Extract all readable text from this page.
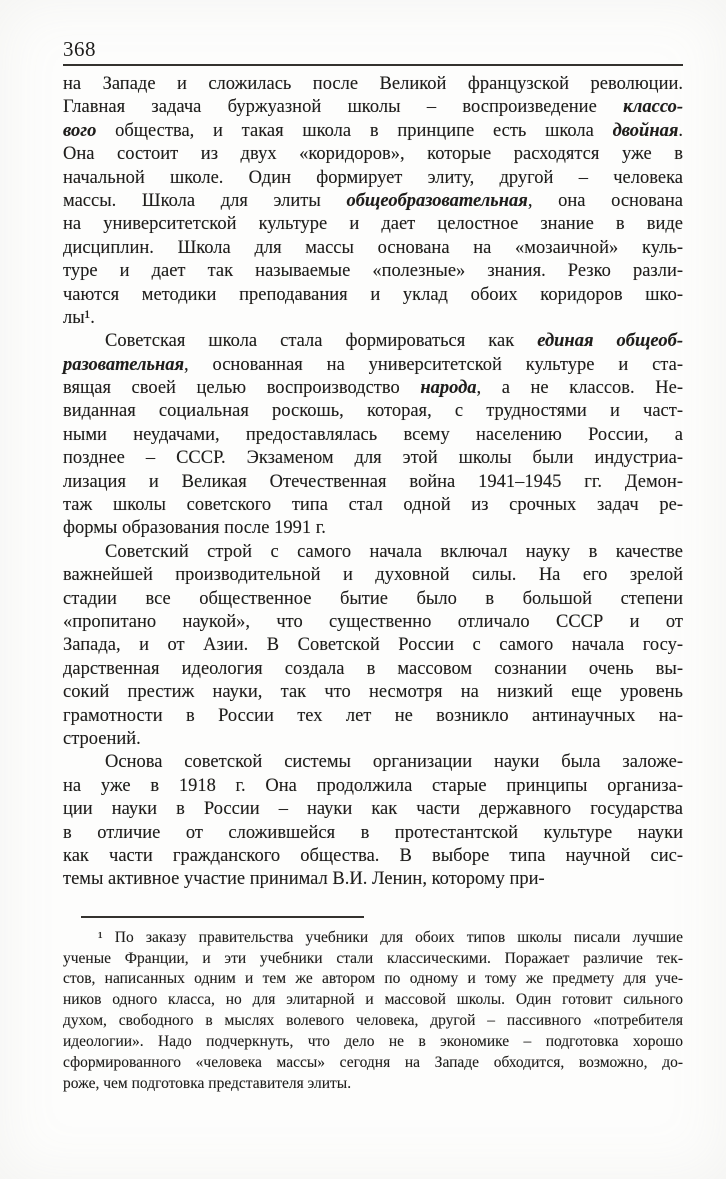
368
на Западе и сложилась после Великой французской революции.
Главная задача буржуазной школы – воспроизведение классо-
вого общества, и такая школа в принципе есть школа двойная.
Она состоит из двух «коридоров», которые расходятся уже в
начальной школе. Один формирует элиту, другой – человека
массы. Школа для элиты общеобразовательная, она основана
на университетской культуре и дает целостное знание в виде
дисциплин. Школа для массы основана на «мозаичной» куль-
туре и дает так называемые «полезные» знания. Резко разли-
чаются методики преподавания и уклад обоих коридоров шко-
лы¹.
Советская школа стала формироваться как единая общеоб-
разовательная, основанная на университетской культуре и ста-
вящая своей целью воспроизводство народа, а не классов. Не-
виданная социальная роскошь, которая, с трудностями и част-
ными неудачами, предоставлялась всему населению России, а
позднее – СССР. Экзаменом для этой школы были индустриа-
лизация и Великая Отечественная война 1941–1945 гг. Демон-
таж школы советского типа стал одной из срочных задач ре-
формы образования после 1991 г.
Советский строй с самого начала включал науку в качестве
важнейшей производительной и духовной силы. На его зрелой
стадии все общественное бытие было в большой степени
«пропитано наукой», что существенно отличало СССР и от
Запада, и от Азии. В Советской России с самого начала госу-
дарственная идеология создала в массовом сознании очень вы-
сокий престиж науки, так что несмотря на низкий еще уровень
грамотности в России тех лет не возникло антинаучных на-
строений.
Основа советской системы организации науки была заложе-
на уже в 1918 г. Она продолжила старые принципы организа-
ции науки в России – науки как части державного государства
в отличие от сложившейся в протестантской культуре науки
как части гражданского общества. В выборе типа научной сис-
темы активное участие принимал В.И. Ленин, которому при-
¹ По заказу правительства учебники для обоих типов школы писали лучшие
ученые Франции, и эти учебники стали классическими. Поражает различие тек-
стов, написанных одним и тем же автором по одному и тому же предмету для уче-
ников одного класса, но для элитарной и массовой школы. Один готовит сильного
духом, свободного в мыслях волевого человека, другой – пассивного «потребителя
идеологии». Надо подчеркнуть, что дело не в экономике – подготовка хорошо
сформированного «человека массы» сегодня на Западе обходится, возможно, до-
роже, чем подготовка представителя элиты.
